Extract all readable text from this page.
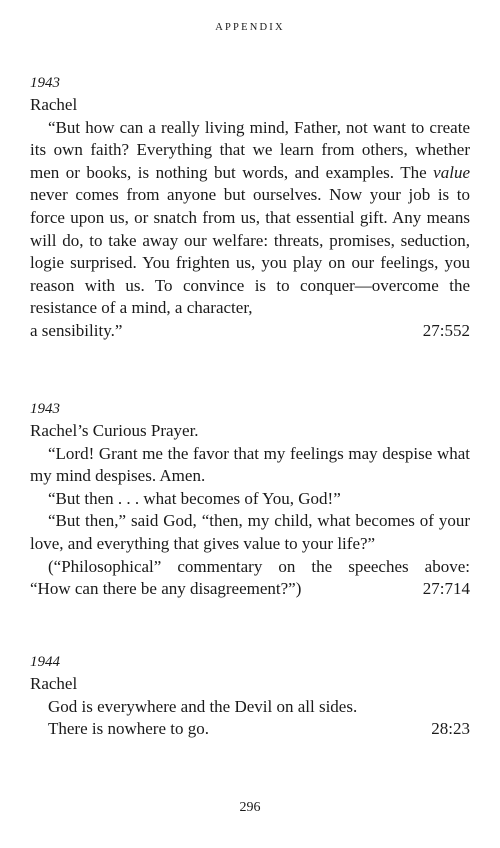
APPENDIX
1943
Rachel

“But how can a really living mind, Father, not want to create its own faith? Everything that we learn from others, whether men or books, is nothing but words, and examples. The value never comes from anyone but ourselves. Now your job is to force upon us, or snatch from us, that essential gift. Any means will do, to take away our welfare: threats, promises, seduction, logie surprised. You frighten us, you play on our feelings, you reason with us. To convince is to conquer—overcome the resistance of a mind, a character,

a sensibility.”	27:552
1943
Rachel’s Curious Prayer.

“Lord! Grant me the favor that my feelings may despise what my mind despises. Amen.

“But then . . . what becomes of You, God!”

“But then,” said God, “then, my child, what becomes of your love, and everything that gives value to your life?”

(“Philosophical” commentary on the speeches above:

“How can there be any disagreement?”)	27:714
1944
Rachel

God is everywhere and the Devil on all sides.

There is nowhere to go.	28:23
296
